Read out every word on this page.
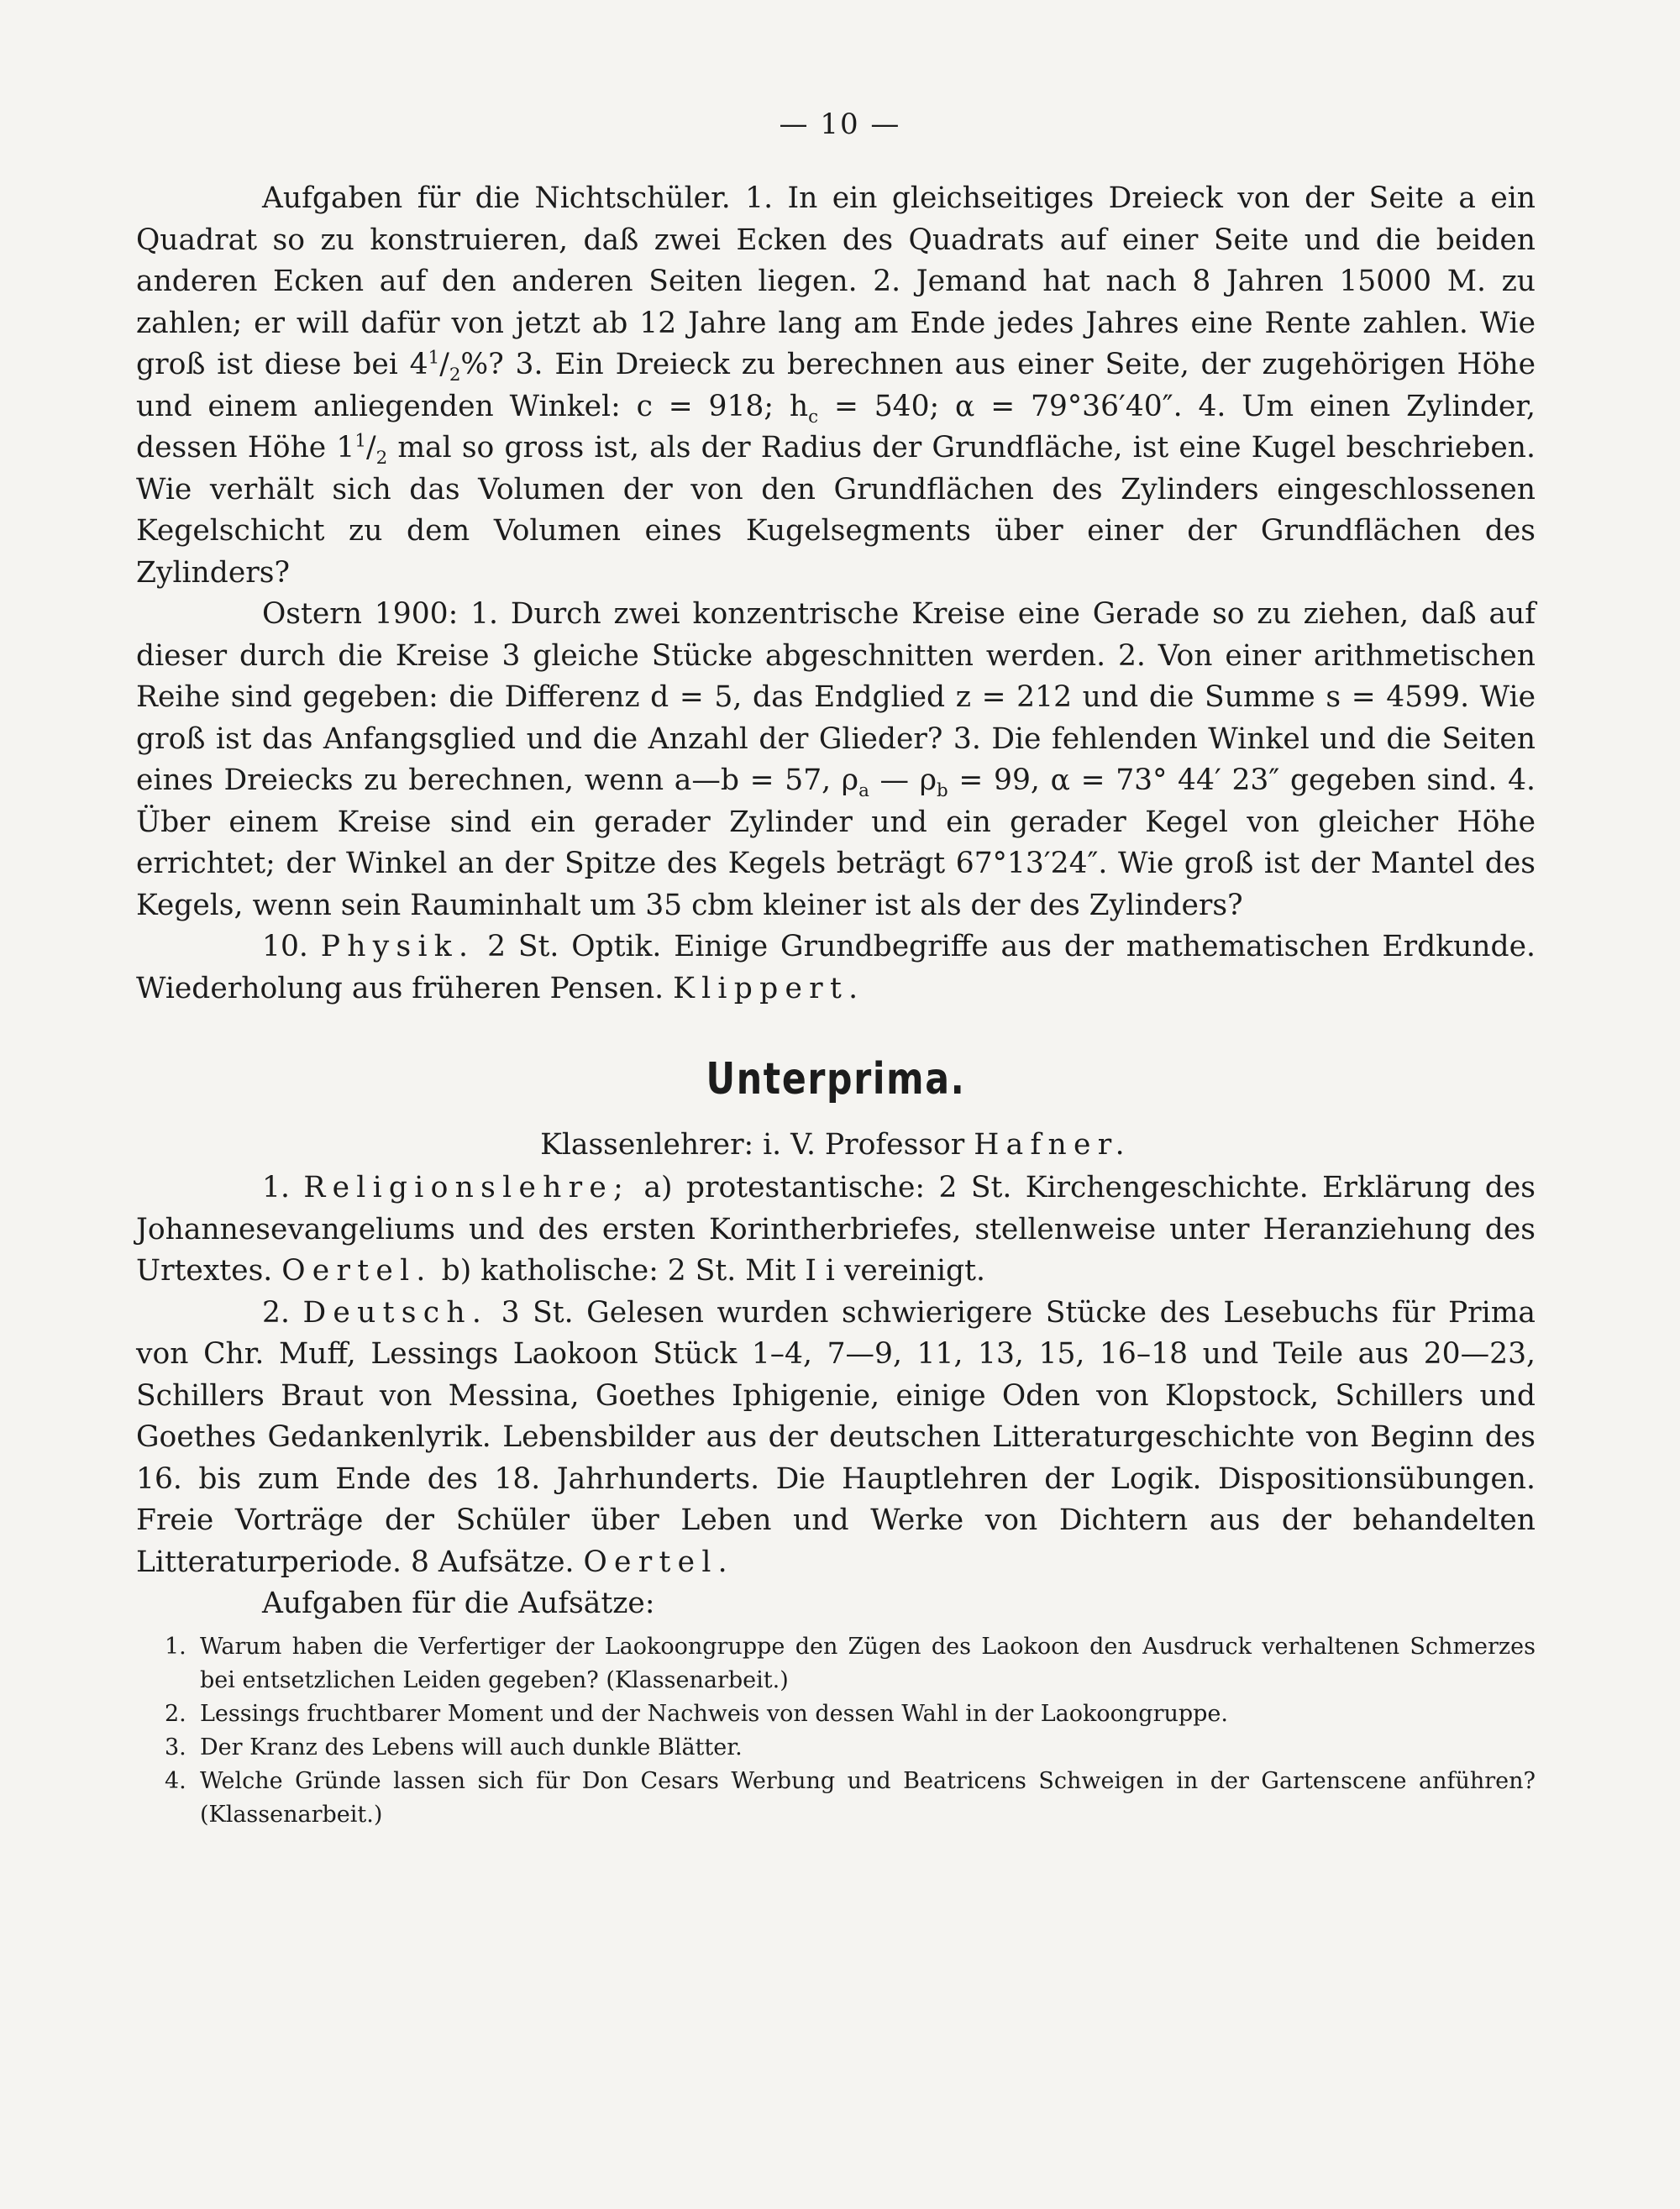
— 10 —

Aufgaben für die Nichtschüler. 1. In ein gleichseitiges Dreieck von der Seite a ein Quadrat so zu konstruieren, daß zwei Ecken des Quadrats auf einer Seite und die beiden anderen Ecken auf den anderen Seiten liegen. 2. Jemand hat nach 8 Jahren 15000 M. zu zahlen; er will dafür von jetzt ab 12 Jahre lang am Ende jedes Jahres eine Rente zahlen. Wie groß ist diese bei $4^1/_2\%$? 3. Ein Dreieck zu berechnen aus einer Seite, der zugehörigen Höhe und einem anliegenden Winkel: c = 918; $h_c = 540$; α = 79°36′40″. 4. Um einen Zylinder, dessen Höhe $1^1/_2$ mal so gross ist, als der Radius der Grundfläche, ist eine Kugel beschrieben. Wie verhält sich das Volumen der von den Grundflächen des Zylinders eingeschlossenen Kegelschicht zu dem Volumen eines Kugelsegments über einer der Grundflächen des Zylinders?

Ostern 1900: 1. Durch zwei konzentrische Kreise eine Gerade so zu ziehen, daß auf dieser durch die Kreise 3 gleiche Stücke abgeschnitten werden. 2. Von einer arithmetischen Reihe sind gegeben: die Differenz d = 5, das Endglied z = 212 und die Summe s = 4599. Wie groß ist das Anfangsglied und die Anzahl der Glieder? 3. Die fehlenden Winkel und die Seiten eines Dreiecks zu berechnen, wenn a—b = 57, $\rho_a$ — $\rho_b = 99$, α = 73° 44′ 23″ gegeben sind. 4. Über einem Kreise sind ein gerader Zylinder und ein gerader Kegel von gleicher Höhe errichtet; der Winkel an der Spitze des Kegels beträgt 67°13′24″. Wie groß ist der Mantel des Kegels, wenn sein Rauminhalt um 35 cbm kleiner ist als der des Zylinders?

10. Physik. 2 St. Optik. Einige Grundbegriffe aus der mathematischen Erdkunde. Wiederholung aus früheren Pensen. Klippert.

Unterprima.
Klassenlehrer: i. V. Professor Hafner.

1. Religionslehre; a) protestantische: 2 St. Kirchengeschichte. Erklärung des Johannesevangeliums und des ersten Korintherbriefes, stellenweise unter Heranziehung des Urtextes. Oertel. b) katholische: 2 St. Mit I i vereinigt.

2. Deutsch. 3 St. Gelesen wurden schwierigere Stücke des Lesebuchs für Prima von Chr. Muff, Lessings Laokoon Stück 1–4, 7—9, 11, 13, 15, 16–18 und Teile aus 20—23, Schillers Braut von Messina, Goethes Iphigenie, einige Oden von Klopstock, Schillers und Goethes Gedankenlyrik. Lebensbilder aus der deutschen Litteraturgeschichte von Beginn des 16. bis zum Ende des 18. Jahrhunderts. Die Hauptlehren der Logik. Dispositionsübungen. Freie Vorträge der Schüler über Leben und Werke von Dichtern aus der behandelten Litteraturperiode. 8 Aufsätze. Oertel.

Aufgaben für die Aufsätze:

1. Warum haben die Verfertiger der Laokoongruppe den Zügen des Laokoon den Ausdruck verhaltenen Schmerzes bei entsetzlichen Leiden gegeben? (Klassenarbeit.)
2. Lessings fruchtbarer Moment und der Nachweis von dessen Wahl in der Laokoongruppe.
3. Der Kranz des Lebens will auch dunkle Blätter.
4. Welche Gründe lassen sich für Don Cesars Werbung und Beatricens Schweigen in der Gartenscene anführen? (Klassenarbeit.)
